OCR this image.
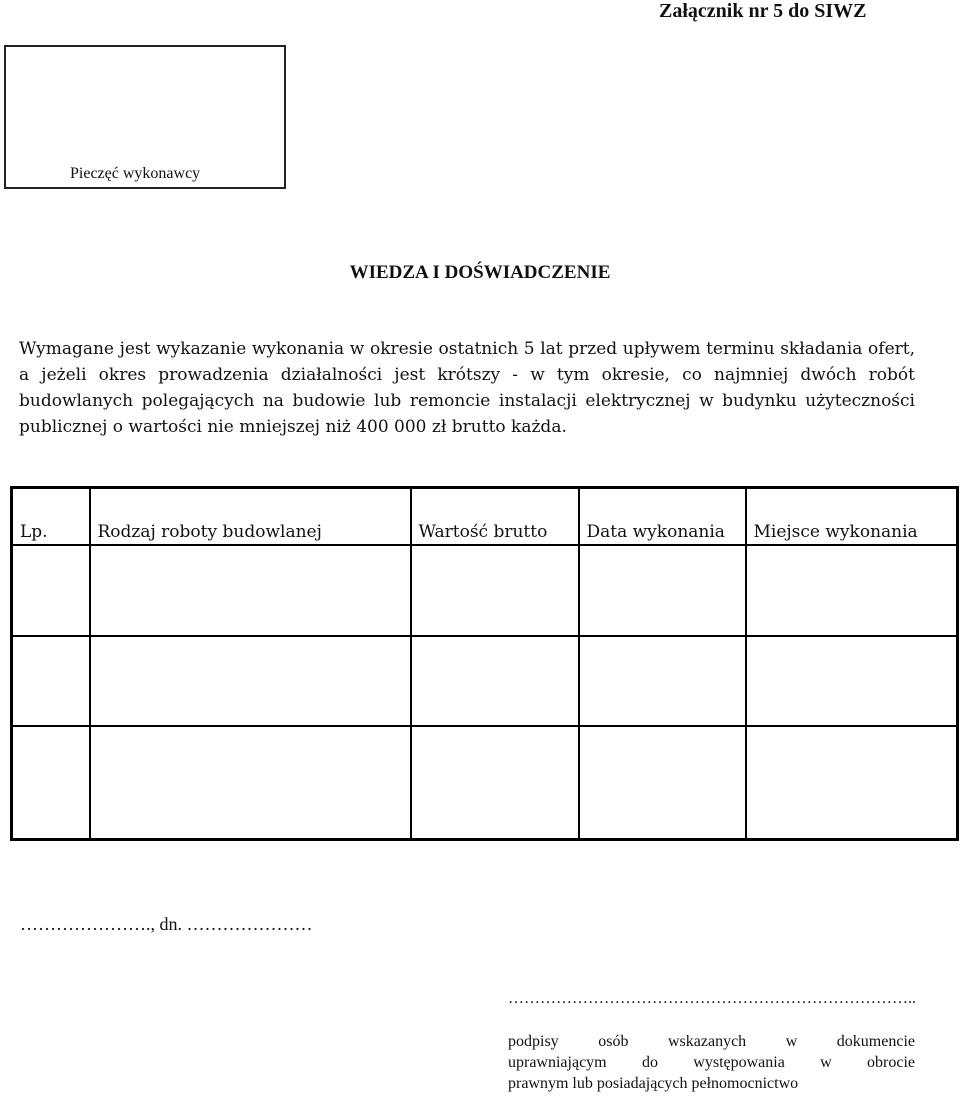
Załącznik nr 5 do SIWZ
Pieczęć wykonawcy
WIEDZA I DOŚWIADCZENIE
Wymagane jest wykazanie wykonania w okresie ostatnich 5 lat przed upływem terminu składania ofert, a jeżeli okres prowadzenia działalności jest krótszy - w tym okresie, co najmniej dwóch robót budowlanych polegających na budowie lub remoncie instalacji elektrycznej w budynku użyteczności publicznej o wartości nie mniejszej niż 400 000 zł brutto każda.
Lp.	Rodzaj roboty budowlanej	Wartość brutto	Data wykonania	Miejsce wykonania

…………………., dn. …………………
…………………………………………………………………..
podpisy osób wskazanych w dokumencie
uprawniającym do występowania w obrocie
prawnym lub posiadających pełnomocnictwo
